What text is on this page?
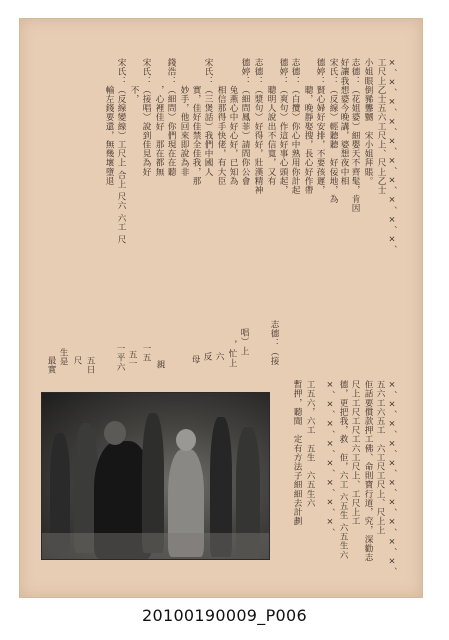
×、×、×、×、×、×、×、×、×、×、
工尺上乙士五六工尺上、尺上乙士
小姐眼倒豨聾嬲　宋小姐拜賬。
志德：（花姐婆）細嬰天不齊髦，肯因
好讓我想婆今晚講，婆想夜中相
宋氏：（反線）輕聽聽　好佞地，為
德婷：賢心婦好安排，不要孩遲，
　　　聰，晚靜娶搜，長心好作帶
志德：（白攬）你心中熟用你計起
德婷：（爽句）作這好事心頭起，
　　　聰明人說出不信寬，又有
志德：（漿句）好得好，壯漢精神
德婷：（細問鳳菲）請問你公會
　　　兔燕心中好心好，已知為
　　　相信那得手快佬，有大臣
宋氏：（三煲話）我們中國人
　　　實，佳好佳禁全佳我，那
　　　妙手，他回來即說為非
錢浩：（細問）你們現在在聽
　　　，心裡佳好　那在都無
宋氏：（接唱）說到佳見為好
　　　不，
宋氏：（反線變線）工尺上 合上 尺六 六工 尺
　　　輸左錢要還，無幾壞墮退
×、×、×、×、×、×、×、×、×、×、
五六工六五工　六工尺工尺上、尺上上
佢話要償款押工佛、命則寶行道，究，深勸志
尺上工尺工尺工六工尺上、工尺上工
德，更把我，救　佢，六工 六五生 六五生六
×、×、×、×、×、×、×、×、
工五六，六工　五生　六五生六
暫押，聽聞　定有方法子細細去計劃
志德：（接
唱）上
，忙上
一五
親
母 反 六
尺	五一
一平六
五日
生是
最實
20100190009_P006
